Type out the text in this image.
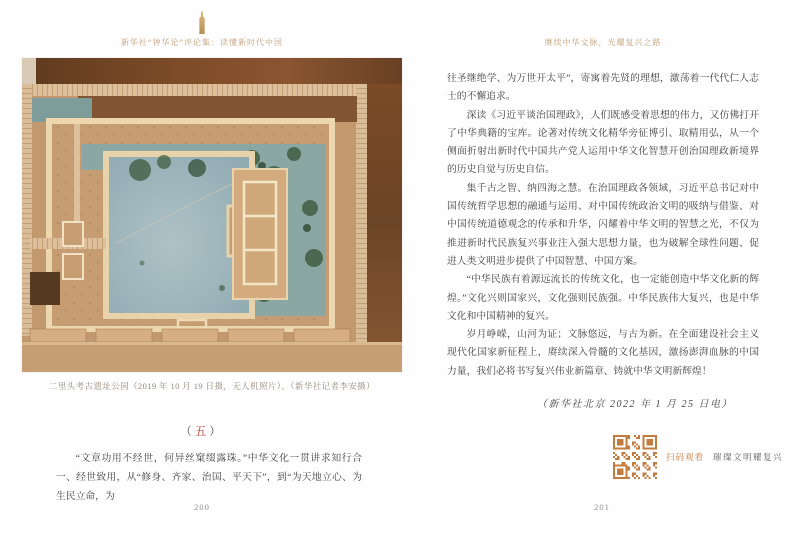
新华社“钟华论”评论集：读懂新时代中国
二里头考古遗址公园（2019 年 10 月 19 日摄，无人机照片）。（新华社记者李安摄）
（五）
“文章功用不经世，何异丝窠缀露珠。”中华文化一贯讲求知行合一、经世致用，从“修身、齐家、治国、平天下”，到“为天地立心、为生民立命，为
200
赓续中华文脉，光耀复兴之路

往圣继绝学、为万世开太平”，寄寓着先贤的理想，激荡着一代代仁人志士的不懈追求。

深读《习近平谈治国理政》，人们既感受着思想的伟力，又仿佛打开了中华典籍的宝库。论著对传统文化精华旁征博引、取精用弘，从一个侧面折射出新时代中国共产党人运用中华文化智慧开创治国理政新境界的历史自觉与历史自信。

集千古之智、纳四海之慧。在治国理政各领域，习近平总书记对中国传统哲学思想的融通与运用、对中国传统政治文明的吸纳与借鉴、对中国传统道德观念的传承和升华，闪耀着中华文明的智慧之光，不仅为推进新时代民族复兴事业注入强大思想力量，也为破解全球性问题、促进人类文明进步提供了中国智慧、中国方案。

“中华民族有着源远流长的传统文化，也一定能创造中华文化新的辉煌。”文化兴则国家兴，文化强则民族强。中华民族伟大复兴，也是中华文化和中国精神的复兴。

岁月峥嵘，山河为证；文脉悠远，与古为新。在全面建设社会主义现代化国家新征程上，赓续深入骨髓的文化基因，激扬澎湃血脉的中国力量，我们必将书写复兴伟业新篇章、铸就中华文明新辉煌！

（新华社北京 2022 年 1 月 25 日电）
扫码观看 璀璨文明耀复兴
201
